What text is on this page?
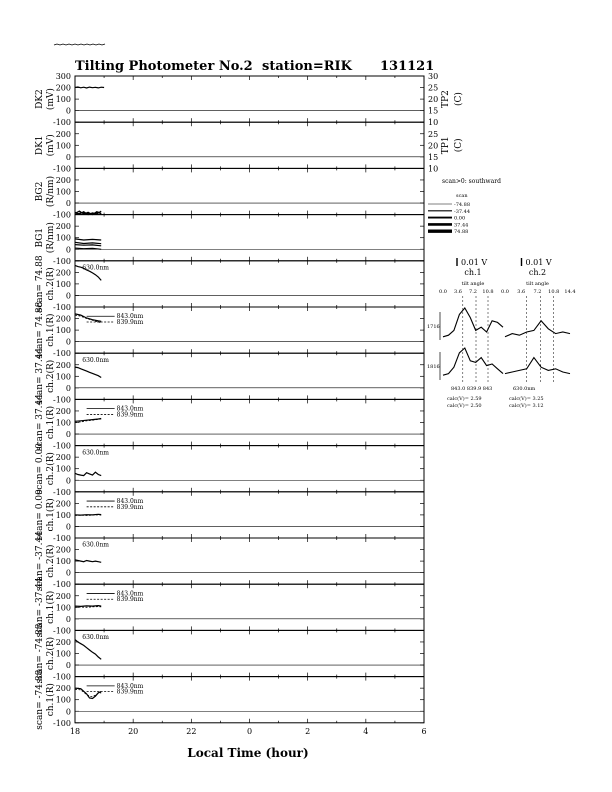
Tilting Photometer No.2 station=RIK 131121
300
200
100
0
-100
DK2 (mV)
200
100
0
-100
DK1 (mV)
200
100
0
-100
BG2 (R/nm)
200
100
0
-100
BG1 (R/nm)
200
100
0
-100
scan= 74.88 ch.2(R)	630.0nm
200
100
0
-100
scan= 74.88 ch.1(R)	843.0nm
839.9nm
200
100
0
-100
scan= 37.44 ch.2(R)	630.0nm
200
100
0
-100
scan= 37.44 ch.1(R)	843.0nm
839.9nm
200
100
0
-100
scan= 0.00 ch.2(R)	630.0nm
200
100
0
-100
scan= 0.00 ch.1(R)	843.0nm
839.9nm
200
100
0
-100
scan= -37.44 ch.2(R)	630.0nm
200
100
0
-100
scan= -37.44 ch.1(R)	843.0nm
839.9nm
200
100
0
-100
scan= -74.88 ch.2(R)	630.0nm
200
100
0
-100
scan= -74.88 ch.1(R)	843.0nm
839.9nm
18	20	22	0	2	4	6
30
25
20
15
10
TP2 (C)
25
20
15
10
TP1 (C)
scan>0: southward
scan
-74.88
-37.44
0.00
37.44
74.88
0.01 V
ch.1
tilt angle
0.0 3.6 7.2 10.8
1716
1816
843.0 839.9 843
calc(V)= 2.59
calc(V)= 2.50
0.01 V
ch.2
tilt angle
0.0 3.6 7.2 10.8 14.4
630.0nm
calc(V)= 3.25
calc(V)= 3.12
Local Time (hour)
